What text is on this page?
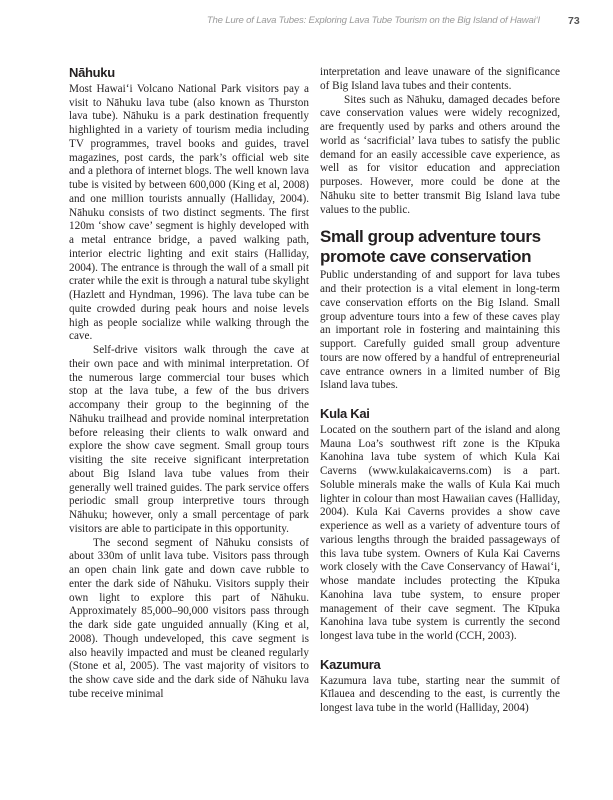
The Lure of Lava Tubes: Exploring Lava Tube Tourism on the Big Island of Hawai‘I	73
Nāhuku

Most Hawai‘i Volcano National Park visitors pay a visit to Nāhuku lava tube (also known as Thurston lava tube). Nāhuku is a park destination frequently highlighted in a variety of tourism media including TV programmes, travel books and guides, travel magazines, post cards, the park’s official web site and a plethora of internet blogs. The well known lava tube is visited by between 600,000 (King et al, 2008) and one million tourists annually (Halliday, 2004). Nāhuku consists of two distinct segments. The first 120m ‘show cave’ segment is highly developed with a metal entrance bridge, a paved walking path, interior electric lighting and exit stairs (Halliday, 2004). The entrance is through the wall of a small pit crater while the exit is through a natural tube skylight (Hazlett and Hyndman, 1996). The lava tube can be quite crowded during peak hours and noise levels high as people socialize while walking through the cave.

Self-drive visitors walk through the cave at their own pace and with minimal interpretation. Of the numerous large commercial tour buses which stop at the lava tube, a few of the bus drivers accompany their group to the beginning of the Nāhuku trailhead and provide nominal interpretation before releasing their clients to walk onward and explore the show cave segment. Small group tours visiting the site receive significant interpretation about Big Island lava tube values from their generally well trained guides. The park service offers periodic small group interpretive tours through Nāhuku; however, only a small percentage of park visitors are able to participate in this opportunity.

The second segment of Nāhuku consists of about 330m of unlit lava tube. Visitors pass through an open chain link gate and down cave rubble to enter the dark side of Nāhuku. Visitors supply their own light to explore this part of Nāhuku. Approximately 85,000–90,000 visitors pass through the dark side gate unguided annually (King et al, 2008). Though undeveloped, this cave segment is also heavily impacted and must be cleaned regularly (Stone et al, 2005). The vast majority of visitors to the show cave side and the dark side of Nāhuku lava tube receive minimal

interpretation and leave unaware of the significance of Big Island lava tubes and their contents.

Sites such as Nāhuku, damaged decades before cave conservation values were widely recognized, are frequently used by parks and others around the world as ‘sacrificial’ lava tubes to satisfy the public demand for an easily accessible cave experience, as well as for visitor education and appreciation purposes. However, more could be done at the Nāhuku site to better transmit Big Island lava tube values to the public.

Small group adventure tours promote cave conservation

Public understanding of and support for lava tubes and their protection is a vital element in long-term cave conservation efforts on the Big Island. Small group adventure tours into a few of these caves play an important role in fostering and maintaining this support. Carefully guided small group adventure tours are now offered by a handful of entrepreneurial cave entrance owners in a limited number of Big Island lava tubes.

Kula Kai

Located on the southern part of the island and along Mauna Loa’s southwest rift zone is the Kīpuka Kanohina lava tube system of which Kula Kai Caverns (www.kulakaicaverns.com) is a part. Soluble minerals make the walls of Kula Kai much lighter in colour than most Hawaiian caves (Halliday, 2004). Kula Kai Caverns provides a show cave experience as well as a variety of adventure tours of various lengths through the braided passageways of this lava tube system. Owners of Kula Kai Caverns work closely with the Cave Conservancy of Hawai‘i, whose mandate includes protecting the Kīpuka Kanohina lava tube system, to ensure proper management of their cave segment. The Kīpuka Kanohina lava tube system is currently the second longest lava tube in the world (CCH, 2003).

Kazumura

Kazumura lava tube, starting near the summit of Kīlauea and descending to the east, is currently the longest lava tube in the world (Halliday, 2004)
